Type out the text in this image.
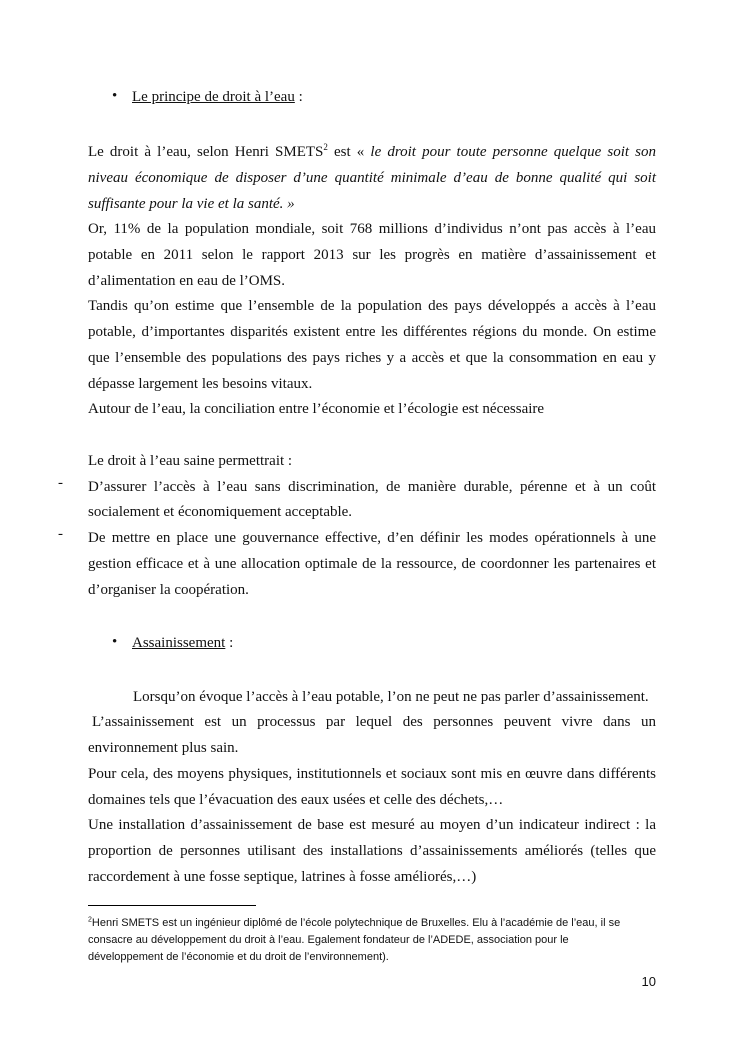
• Le principe de droit à l’eau :

Le droit à l’eau, selon Henri SMETS$^2$ est « le droit pour toute personne quelque soit son

niveau économique de disposer d’une quantité minimale d’eau de bonne qualité qui soit

suffisante pour la vie et la santé. »

Or, 11% de la population mondiale, soit 768 millions d’individus n’ont pas accès à l’eau

potable en 2011 selon le rapport 2013 sur les progrès en matière d’assainissement et

d’alimentation en eau de l’OMS.

Tandis qu’on estime que l’ensemble de la population des pays développés a accès à l’eau

potable, d’importantes disparités existent entre les différentes régions du monde. On estime

que l’ensemble des populations des pays riches y a accès et que la consommation en eau y

dépasse largement les besoins vitaux.

Autour de l’eau, la conciliation entre l’économie et l’écologie est nécessaire

Le droit à l’eau saine permettrait :

- D’assurer l’accès à l’eau sans discrimination, de manière durable, pérenne et à un coût

socialement et économiquement acceptable.

- De mettre en place une gouvernance effective, d’en définir les modes opérationnels à une

gestion efficace et à une allocation optimale de la ressource, de coordonner les partenaires et

d’organiser la coopération.

• Assainissement :

Lorsqu’on évoque l’accès à l’eau potable, l’on ne peut ne pas parler d’assainissement.

L’assainissement est un processus par lequel des personnes peuvent vivre dans un

environnement plus sain.

Pour cela, des moyens physiques, institutionnels et sociaux sont mis en œuvre dans différents

domaines tels que l’évacuation des eaux usées et celle des déchets,…

Une installation d’assainissement de base est mesuré au moyen d’un indicateur indirect : la

proportion de personnes utilisant des installations d’assainissements améliorés (telles que

raccordement à une fosse septique, latrines à fosse améliorés,…)

$^2$Henri SMETS est un ingénieur diplômé de l’école polytechnique de Bruxelles. Elu à l’académie de l’eau, il se
consacre au développement du droit à l’eau. Egalement fondateur de l’ADEDE, association pour le
développement de l’économie et du droit de l’environnement).

10
